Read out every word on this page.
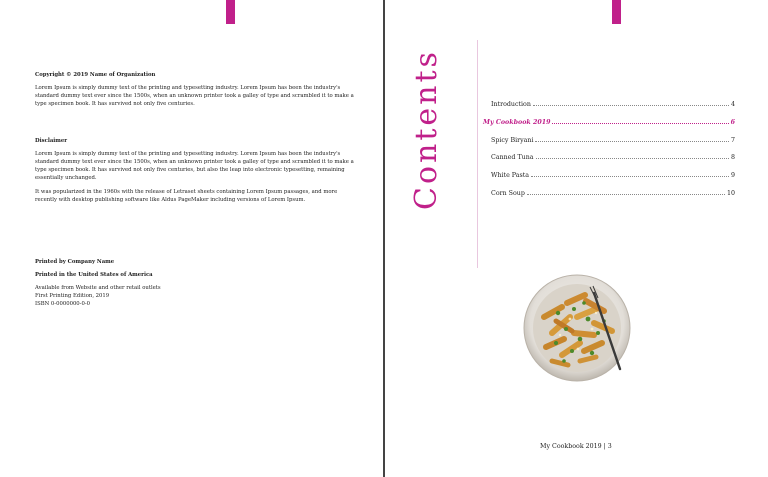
Copyright © 2019 Name of Organization
Lorem Ipsum is simply dummy text of the printing and typesetting industry. Lorem Ipsum has been the industry's standard dummy text ever since the 1500s, when an unknown printer took a galley of type and scrambled it to make a type specimen book. It has survived not only five centuries.
Disclaimer
Lorem Ipsum is simply dummy text of the printing and typesetting industry. Lorem Ipsum has been the industry's standard dummy text ever since the 1500s, when an unknown printer took a galley of type and scrambled it to make a type specimen book. It has survived not only five centuries, but also the leap into electronic typesetting, remaining essentially unchanged.
It was popularized in the 1960s with the release of Letraset sheets containing Lorem Ipsum passages, and more recently with desktop publishing software like Aldus PageMaker including versions of Lorem Ipsum.
Printed by Company Name
Printed in the United States of America
Available from Website and other retail outlets
First Printing Edition, 2019
ISBN 0-0000000-0-0
Contents	Introduction	4
My Cookbook 2019	6
Spicy Biryani	7
Canned Tuna	8
White Pasta	9
Corn Soup	10
My Cookbook 2019 | 3
